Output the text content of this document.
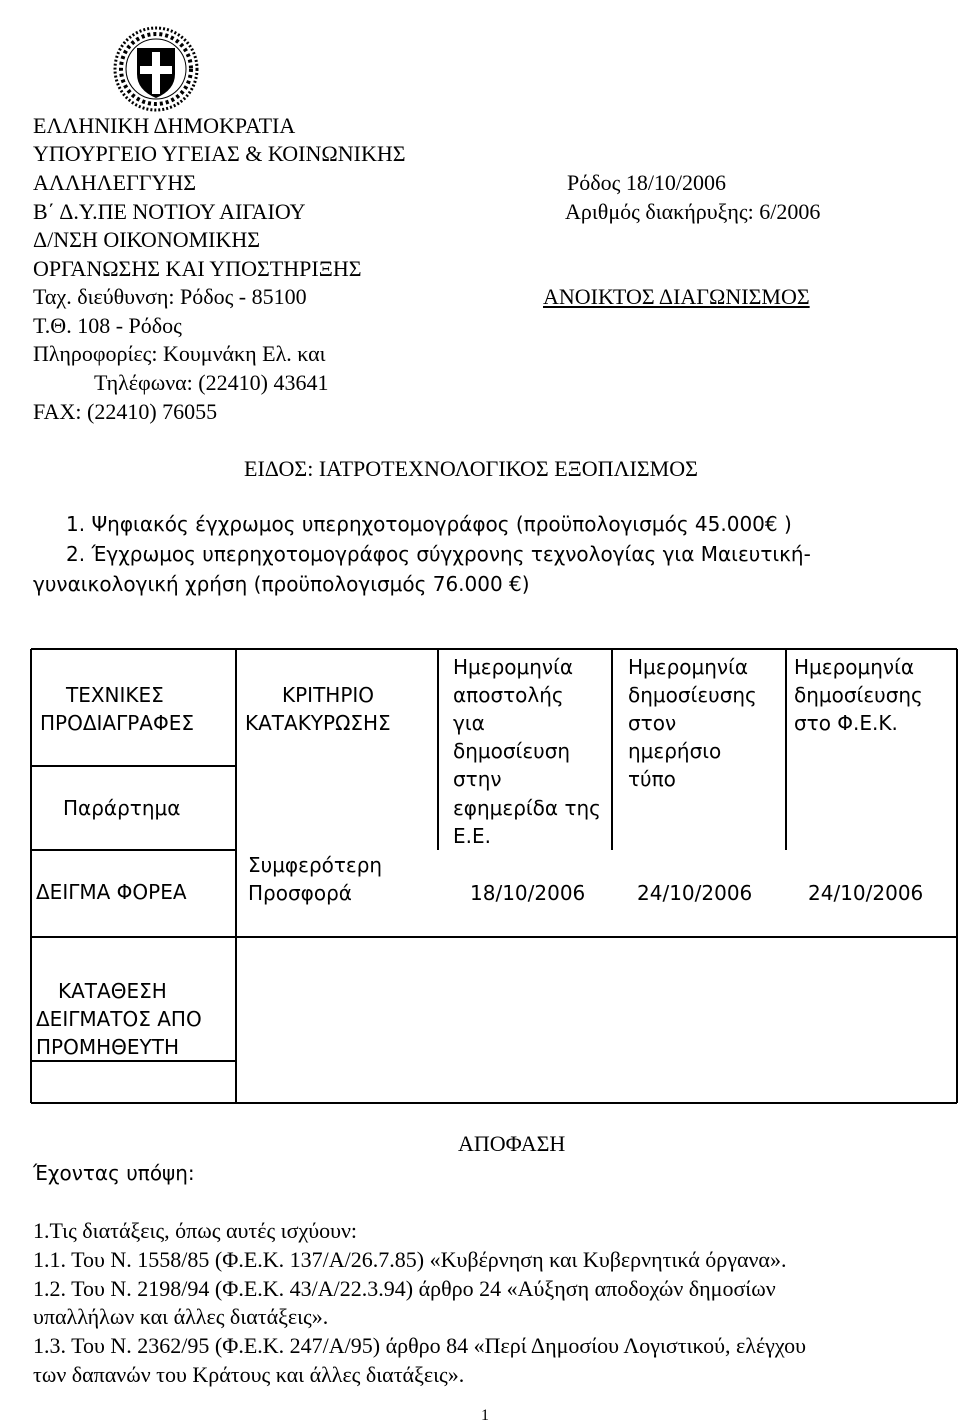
ΕΛΛΗΝΙΚΗ ΔΗΜΟΚΡΑΤΙΑ
ΥΠΟΥΡΓΕΙΟ ΥΓΕΙΑΣ & ΚΟΙΝΩΝΙΚΗΣ
ΑΛΛΗΛΕΓΓΥΗΣ
Β΄ Δ.Υ.ΠΕ ΝΟΤΙΟΥ ΑΙΓΑΙΟΥ
Δ/ΝΣΗ ΟΙΚΟΝΟΜΙΚΗΣ
ΟΡΓΑΝΩΣΗΣ ΚΑΙ ΥΠΟΣΤΗΡΙΞΗΣ
Ταχ. διεύθυνση: Ρόδος - 85100
Τ.Θ. 108 - Ρόδος
Πληροφορίες: Κουμνάκη Ελ. και
Τηλέφωνα: (22410) 43641
FAX: (22410) 76055
Ρόδος 18/10/2006
Αριθμός διακήρυξης: 6/2006
ΑΝΟΙΚΤΟΣ ΔΙΑΓΩΝΙΣΜΟΣ
ΕΙΔΟΣ: ΙΑΤΡΟΤΕΧΝΟΛΟΓΙΚΟΣ ΕΞΟΠΛΙΣΜΟΣ
1. Ψηφιακός έγχρωμος υπερηχοτομογράφος (προϋπολογισμός 45.000€ )
2. Έγχρωμος υπερηχοτομογράφος σύγχρονης τεχνολογίας για Μαιευτική-
γυναικολογική χρήση (προϋπολογισμός 76.000 €)
ΤΕΧΝΙΚΕΣ
ΠΡΟΔΙΑΓΡΑΦΕΣ
Παράρτημα
ΔΕΙΓΜΑ ΦΟΡΕΑ
ΚΡΙΤΗΡΙΟ
ΚΑΤΑΚΥΡΩΣΗΣ
Συμφερότερη
Προσφορά
Ημερομηνία
αποστολής
για
δημοσίευση
στην
εφημερίδα της
Ε.Ε.
Ημερομηνία
δημοσίευσης
στον
ημερήσιο
τύπο
Ημερομηνία
δημοσίευσης
στο Φ.Ε.Κ.
18/10/2006	24/10/2006	24/10/2006
ΚΑΤΑΘΕΣΗ
ΔΕΙΓΜΑΤΟΣ ΑΠΟ
ΠΡΟΜΗΘΕΥΤΗ
ΑΠΟΦΑΣΗ
Έχοντας υπόψη:
1.Τις διατάξεις, όπως αυτές ισχύουν:
1.1. Του Ν. 1558/85 (Φ.Ε.Κ. 137/Α/26.7.85) «Κυβέρνηση και Κυβερνητικά όργανα».
1.2. Του Ν. 2198/94 (Φ.Ε.Κ. 43/Α/22.3.94) άρθρο 24 «Αύξηση αποδοχών δημοσίων
υπαλλήλων και άλλες διατάξεις».
1.3. Του Ν. 2362/95 (Φ.Ε.Κ. 247/Α/95) άρθρο 84 «Περί Δημοσίου Λογιστικού, ελέγχου
των δαπανών του Κράτους και άλλες διατάξεις».
1
